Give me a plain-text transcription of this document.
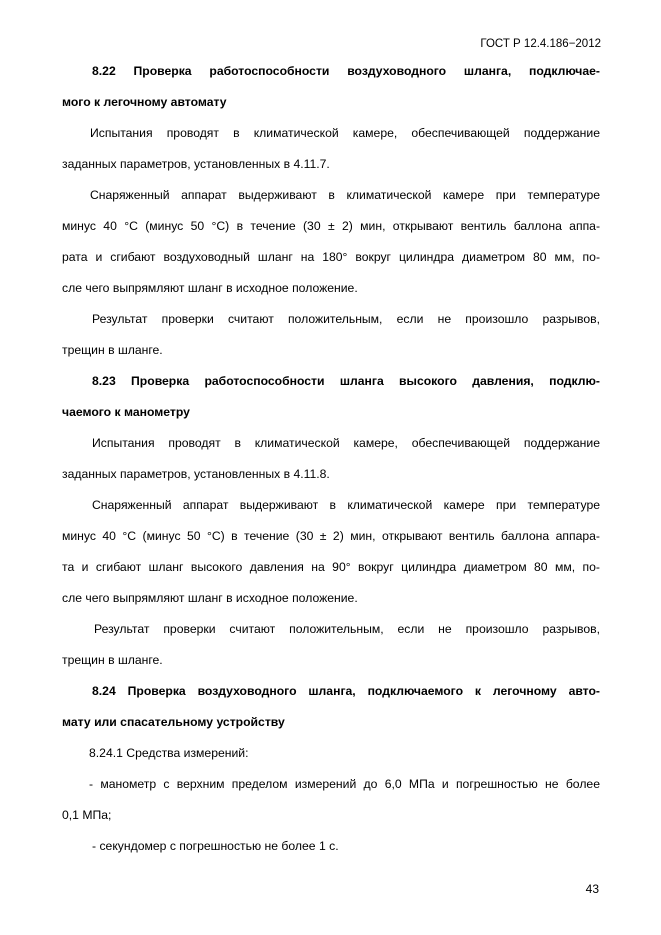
ГОСТ Р 12.4.186−2012
8.22 Проверка работоспособности воздуховодного шланга, подключае-
мого к легочному автомату
Испытания проводят в климатической камере, обеспечивающей поддержание
заданных параметров, установленных в 4.11.7.
Снаряженный аппарат выдерживают в климатической камере при температуре
минус 40 °С (минус 50 °С) в течение (30 ± 2) мин, открывают вентиль баллона аппа-
рата и сгибают воздуховодный шланг на 180° вокруг цилиндра диаметром 80 мм, по-
сле чего выпрямляют шланг в исходное положение.
Результат проверки считают положительным, если не произошло разрывов,
трещин в шланге.
8.23 Проверка работоспособности шланга высокого давления, подклю-
чаемого к манометру
Испытания проводят в климатической камере, обеспечивающей поддержание
заданных параметров, установленных в 4.11.8.
Снаряженный аппарат выдерживают в климатической камере при температуре
минус 40 °С (минус 50 °С) в течение (30 ± 2) мин, открывают вентиль баллона аппара-
та и сгибают шланг высокого давления на 90° вокруг цилиндра диаметром 80 мм, по-
сле чего выпрямляют шланг в исходное положение.
Результат проверки считают положительным, если не произошло разрывов,
трещин в шланге.
8.24 Проверка воздуховодного шланга, подключаемого к легочному авто-
мату или спасательному устройству
8.24.1 Средства измерений:
- манометр с верхним пределом измерений до 6,0 МПа и погрешностью не более
0,1 МПа;
- секундомер с погрешностью не более 1 с.
43
